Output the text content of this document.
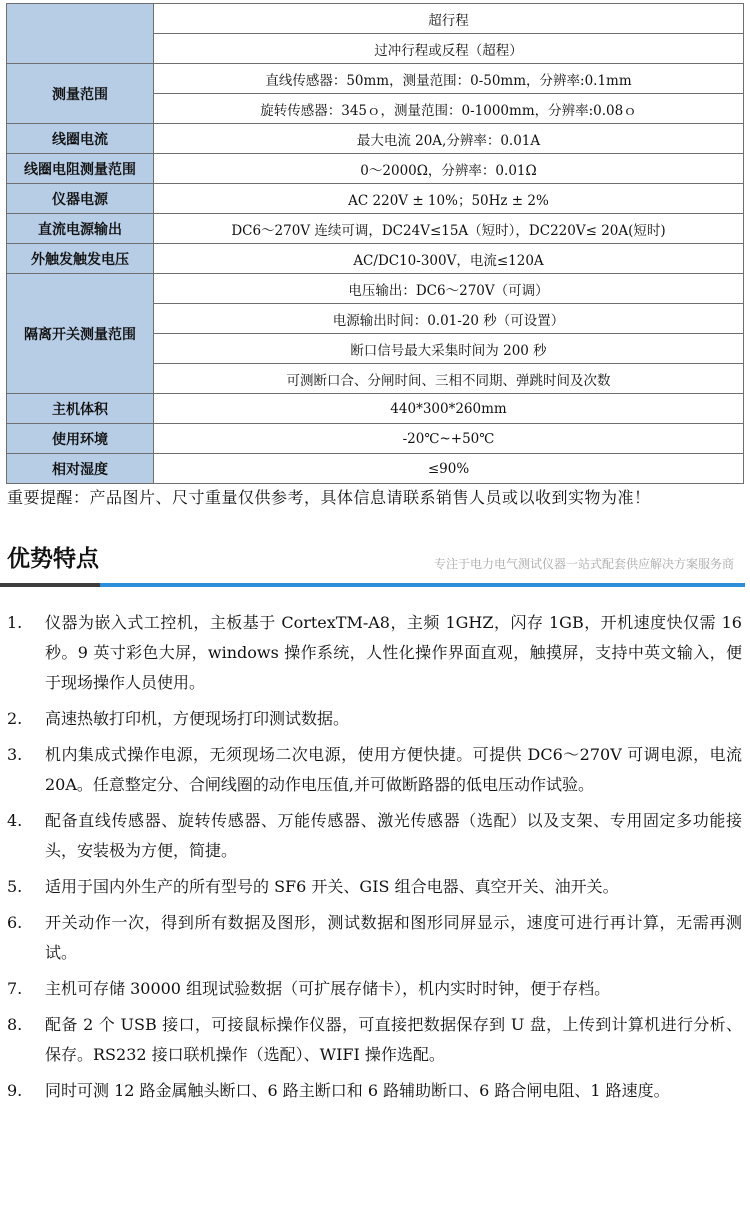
	超行程
	过冲行程或反程（超程）
测量范围	直线传感器：50mm，测量范围：0-50mm，分辨率:0.1mm
	旋转传感器：345ｏ，测量范围：0-1000mm，分辨率:0.08ｏ
线圈电流	最大电流 20A,分辨率：0.01A
线圈电阻测量范围	0～2000Ω，分辨率：0.01Ω
仪器电源	AC 220V ± 10%；50Hz ± 2%
直流电源输出	DC6～270V 连续可调，DC24V≤15A（短时），DC220V≤ 20A(短时)
外触发触发电压	AC/DC10-300V，电流≤120A
隔离开关测量范围	电压输出：DC6～270V（可调）
	电源输出时间：0.01-20 秒（可设置）
	断口信号最大采集时间为 200 秒
	可测断口合、分闸时间、三相不同期、弹跳时间及次数
主机体积	440*300*260mm
使用环境	-20℃~+50℃
相对湿度	≤90%
重要提醒：产品图片、尺寸重量仅供参考，具体信息请联系销售人员或以收到实物为准！
优势特点	专注于电力电气测试仪器一站式配套供应解决方案服务商
1. 仪器为嵌入式工控机，主板基于 CortexTM-A8，主频 1GHZ，闪存 1GB，开机速度快仅需 16 秒。9 英寸彩色大屏，windows 操作系统，人性化操作界面直观，触摸屏，支持中英文输入，便于现场操作人员使用。
2. 高速热敏打印机，方便现场打印测试数据。
3. 机内集成式操作电源，无须现场二次电源，使用方便快捷。可提供 DC6～270V 可调电源，电流 20A。任意整定分、合闸线圈的动作电压值,并可做断路器的低电压动作试验。
4. 配备直线传感器、旋转传感器、万能传感器、激光传感器（选配）以及支架、专用固定多功能接头，安装极为方便，简捷。
5. 适用于国内外生产的所有型号的 SF6 开关、GIS 组合电器、真空开关、油开关。
6. 开关动作一次，得到所有数据及图形，测试数据和图形同屏显示，速度可进行再计算，无需再测试。
7. 主机可存储 30000 组现试验数据（可扩展存储卡），机内实时时钟，便于存档。
8. 配备 2 个 USB 接口，可接鼠标操作仪器，可直接把数据保存到 U 盘，上传到计算机进行分析、保存。RS232 接口联机操作（选配）、WIFI 操作选配。
9. 同时可测 12 路金属触头断口、6 路主断口和 6 路辅助断口、6 路合闸电阻、1 路速度。
